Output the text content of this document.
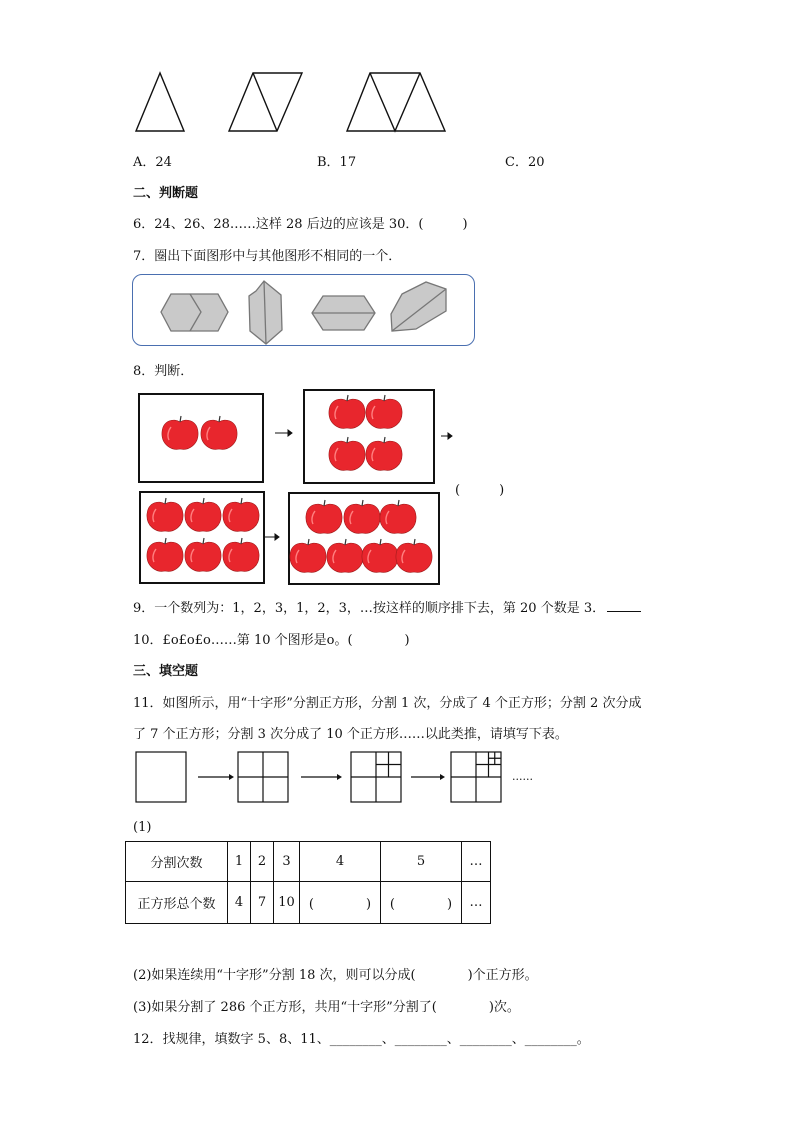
A．24	B．17	C．20
二、判断题
6．24、26、28……这样 28 后边的应该是 30．(　　　)
7．圈出下面图形中与其他图形不相同的一个．
8．判断．
(　　　)
9．一个数列为：1，2，3，1，2，3，…按这样的顺序排下去，第 20 个数是 3．
10．£o£o£o……第 10 个图形是o。(　　　　)
三、填空题
11．如图所示，用“十字形”分割正方形，分割 1 次，分成了 4 个正方形；分割 2 次分成
了 7 个正方形；分割 3 次分成了 10 个正方形……以此类推，请填写下表。
......
(1)
分割次数	1	2	3	4	5	…
正方形总个数	4	7	10	(　　　　)	(　　　　)	…
(2)如果连续用“十字形”分割 18 次，则可以分成(　　　　)个正方形。
(3)如果分割了 286 个正方形，共用“十字形”分割了(　　　　)次。
12．找规律，填数字 5、8、11、________、________、________、________。
